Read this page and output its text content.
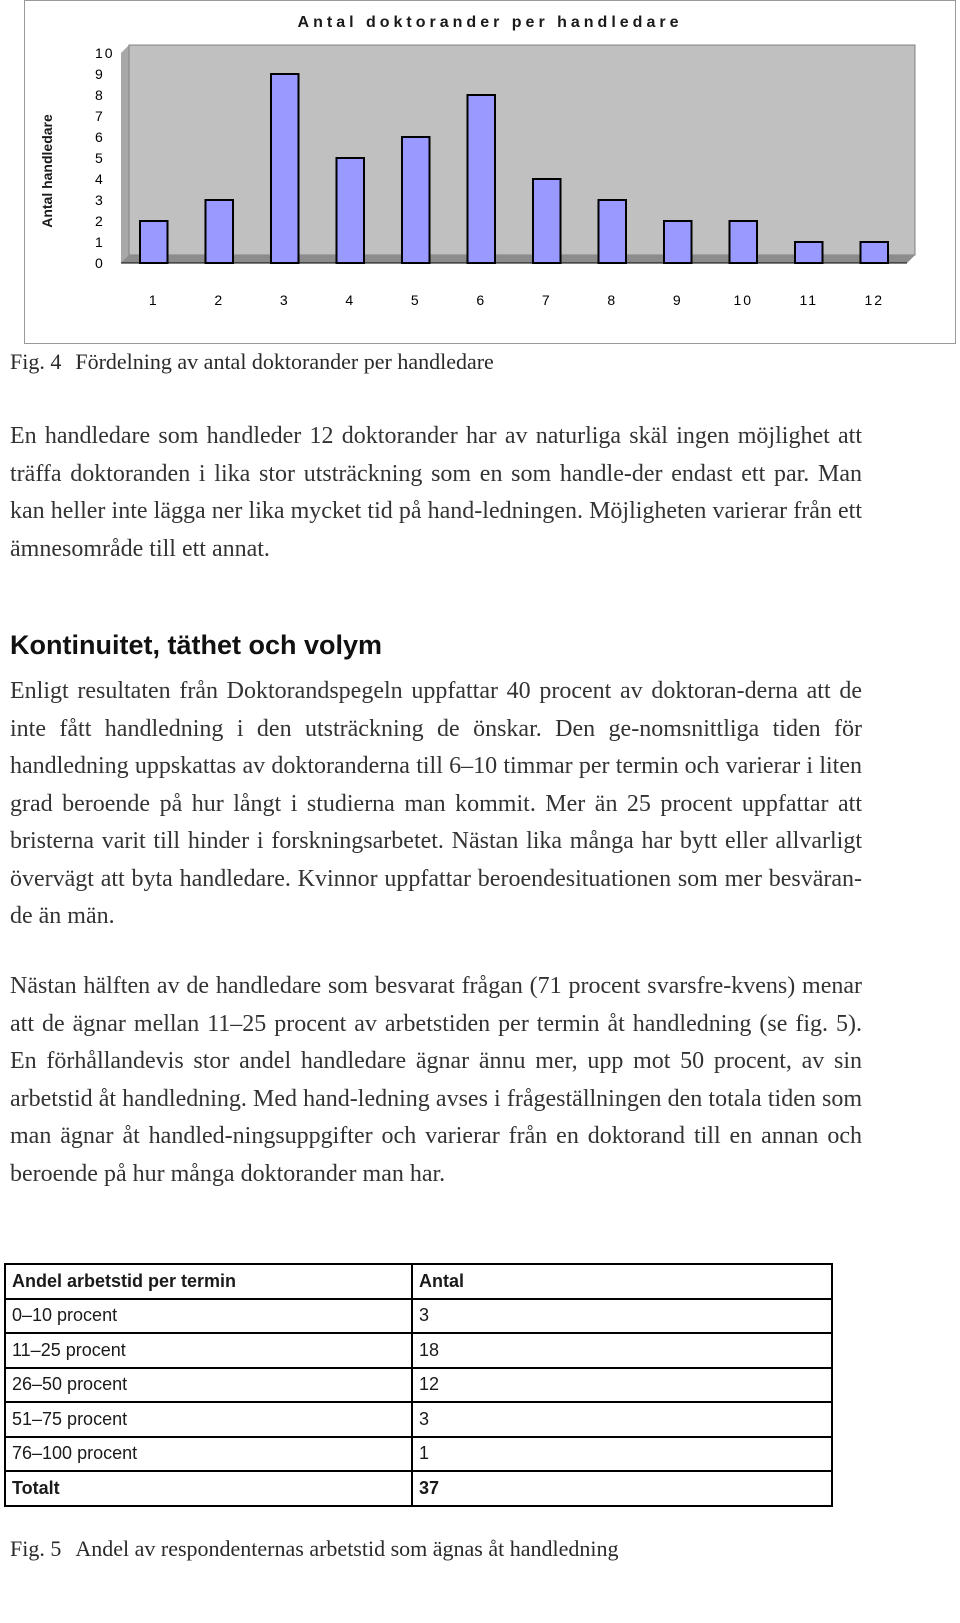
Antal doktorander per handledare
Antal handledare
0
1
2
3
4
5
6
7
8
9
10
1	2	3	4	5	6	7	8	9	10	11	12
Fig. 4 Fördelning av antal doktorander per handledare

En handledare som handleder 12 doktorander har av naturliga skäl ingen möjlighet att träffa doktoranden i lika stor utsträckning som en som handle-der endast ett par. Man kan heller inte lägga ner lika mycket tid på hand-ledningen. Möjligheten varierar från ett ämnesområde till ett annat.

Kontinuitet, täthet och volym

Enligt resultaten från Doktorandspegeln uppfattar 40 procent av doktoran-derna att de inte fått handledning i den utsträckning de önskar. Den ge-nomsnittliga tiden för handledning uppskattas av doktoranderna till 6–10 timmar per termin och varierar i liten grad beroende på hur långt i studierna man kommit. Mer än 25 procent uppfattar att bristerna varit till hinder i forskningsarbetet. Nästan lika många har bytt eller allvarligt övervägt att byta handledare. Kvinnor uppfattar beroendesituationen som mer besväran-de än män.

Nästan hälften av de handledare som besvarat frågan (71 procent svarsfre-kvens) menar att de ägnar mellan 11–25 procent av arbetstiden per termin åt handledning (se fig. 5). En förhållandevis stor andel handledare ägnar ännu mer, upp mot 50 procent, av sin arbetstid åt handledning. Med hand-ledning avses i frågeställningen den totala tiden som man ägnar åt handled-ningsuppgifter och varierar från en doktorand till en annan och beroende på hur många doktorander man har.

Andel arbetstid per termin	Antal
0–10 procent	3
11–25 procent	18
26–50 procent	12
51–75 procent	3
76–100 procent	1
Totalt	37
Fig. 5 Andel av respondenternas arbetstid som ägnas åt handledning
